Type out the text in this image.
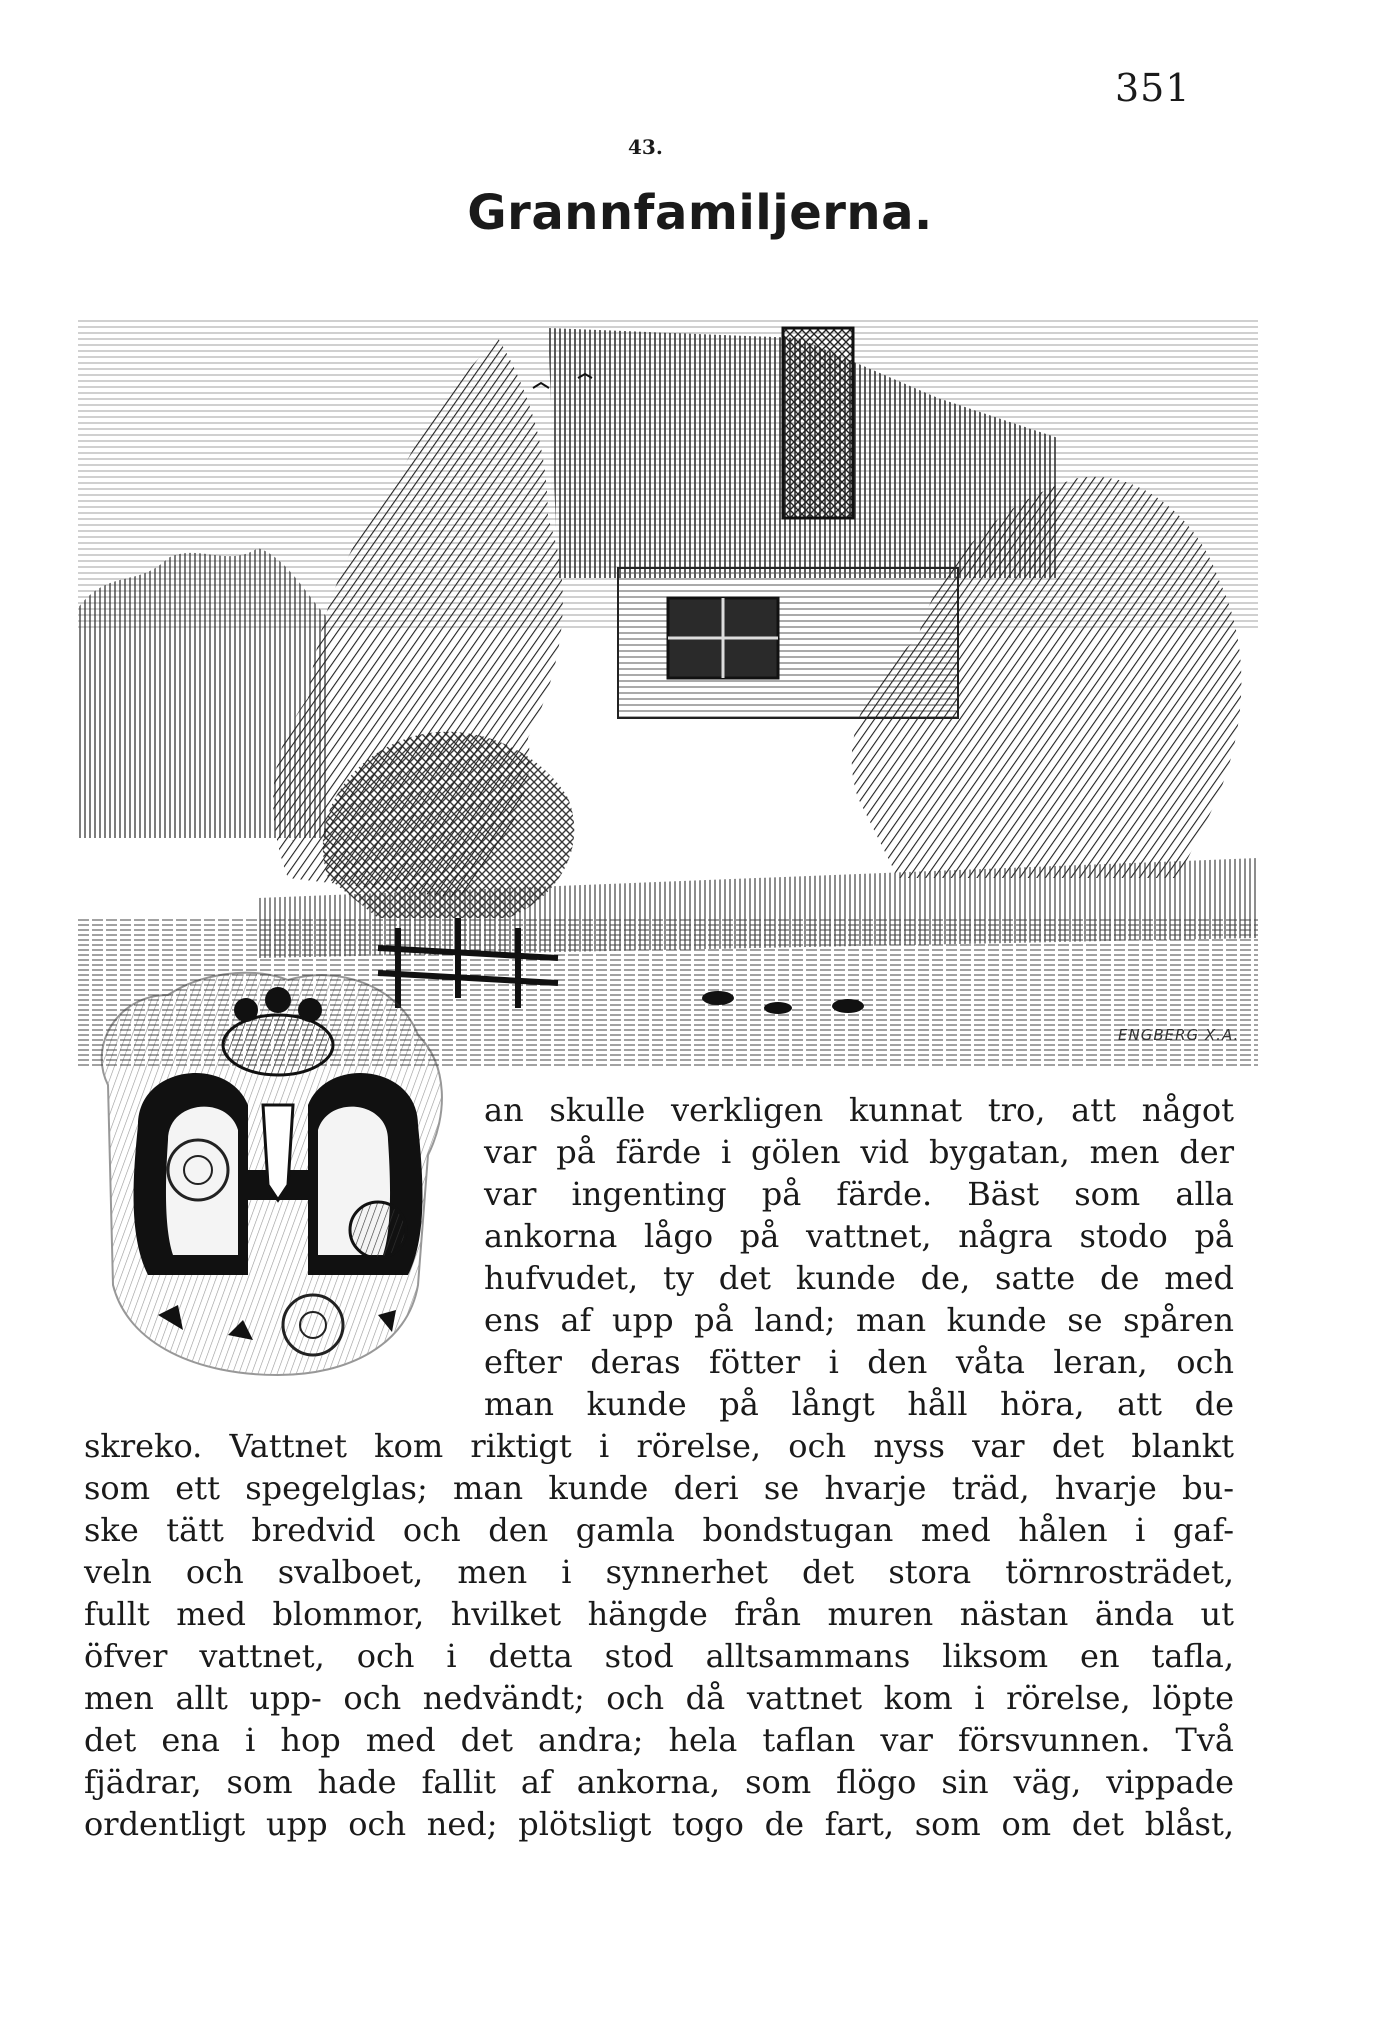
351
43.
Grannfamiljerna.
ENGBERG X.A.
an skulle verkligen kunnat tro, att något
var på färde i gölen vid bygatan, men der
var ingenting på färde. Bäst som alla
ankorna lågo på vattnet, några stodo på
hufvudet, ty det kunde de, satte de med
ens af upp på land; man kunde se spåren
efter deras fötter i den våta leran, och
man kunde på långt håll höra, att de
skreko. Vattnet kom riktigt i rörelse, och nyss var det blankt
som ett spegelglas; man kunde deri se hvarje träd, hvarje bu-
ske tätt bredvid och den gamla bondstugan med hålen i gaf-
veln och svalboet, men i synnerhet det stora törnrosträdet,
fullt med blommor, hvilket hängde från muren nästan ända ut
öfver vattnet, och i detta stod alltsammans liksom en tafla,
men allt upp- och nedvändt; och då vattnet kom i rörelse, löpte
det ena i hop med det andra; hela taflan var försvunnen. Två
fjädrar, som hade fallit af ankorna, som flögo sin väg, vippade
ordentligt upp och ned; plötsligt togo de fart, som om det blåst,
